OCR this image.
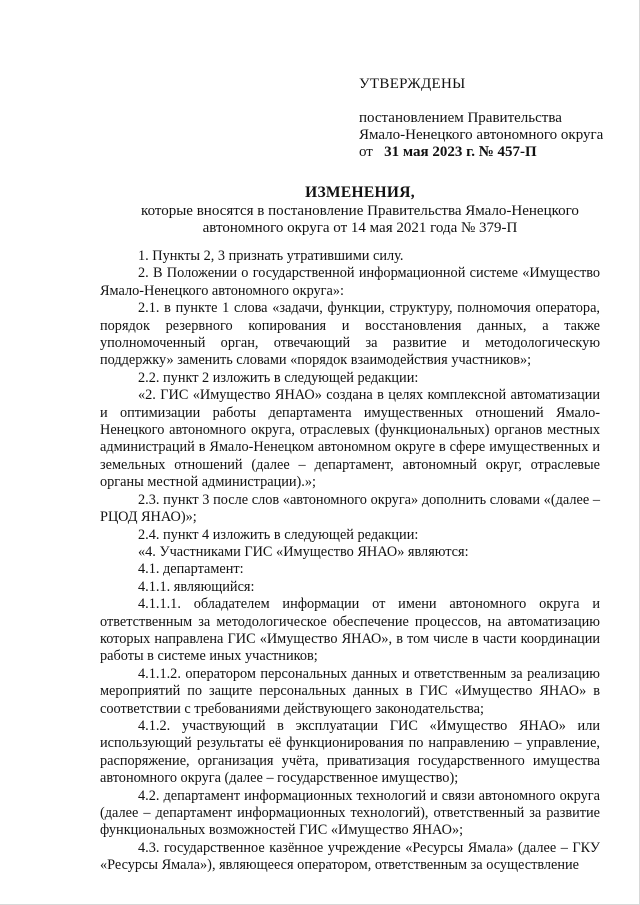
УТВЕРЖДЕНЫ
постановлением Правительства
Ямало-Ненецкого автономного округа
от 31 мая 2023 г. № 457-П
ИЗМЕНЕНИЯ,
которые вносятся в постановление Правительства Ямало-Ненецкого
автономного округа от 14 мая 2021 года № 379-П

1. Пункты 2, 3 признать утратившими силу.

2. В Положении о государственной информационной системе «Имущество Ямало-Ненецкого автономного округа»:

2.1. в пункте 1 слова «задачи, функции, структуру, полномочия оператора, порядок резервного копирования и восстановления данных, а также уполномоченный орган, отвечающий за развитие и методологическую поддержку» заменить словами «порядок взаимодействия участников»;

2.2. пункт 2 изложить в следующей редакции:

«2. ГИС «Имущество ЯНАО» создана в целях комплексной автоматизации и оптимизации работы департамента имущественных отношений Ямало-Ненецкого автономного округа, отраслевых (функциональных) органов местных администраций в Ямало-Ненецком автономном округе в сфере имущественных и земельных отношений (далее – департамент, автономный округ, отраслевые органы местной администрации).»;

2.3. пункт 3 после слов «автономного округа» дополнить словами «(далее – РЦОД ЯНАО)»;

2.4. пункт 4 изложить в следующей редакции:

«4. Участниками ГИС «Имущество ЯНАО» являются:

4.1. департамент:

4.1.1. являющийся:

4.1.1.1. обладателем информации от имени автономного округа и ответственным за методологическое обеспечение процессов, на автоматизацию которых направлена ГИС «Имущество ЯНАО», в том числе в части координации работы в системе иных участников;

4.1.1.2. оператором персональных данных и ответственным за реализацию мероприятий по защите персональных данных в ГИС «Имущество ЯНАО» в соответствии с требованиями действующего законодательства;

4.1.2. участвующий в эксплуатации ГИС «Имущество ЯНАО» или использующий результаты её функционирования по направлению – управление, распоряжение, организация учёта, приватизация государственного имущества автономного округа (далее – государственное имущество);

4.2. департамент информационных технологий и связи автономного округа (далее – департамент информационных технологий), ответственный за развитие функциональных возможностей ГИС «Имущество ЯНАО»;

4.3. государственное казённое учреждение «Ресурсы Ямала» (далее – ГКУ «Ресурсы Ямала»), являющееся оператором, ответственным за осуществление
